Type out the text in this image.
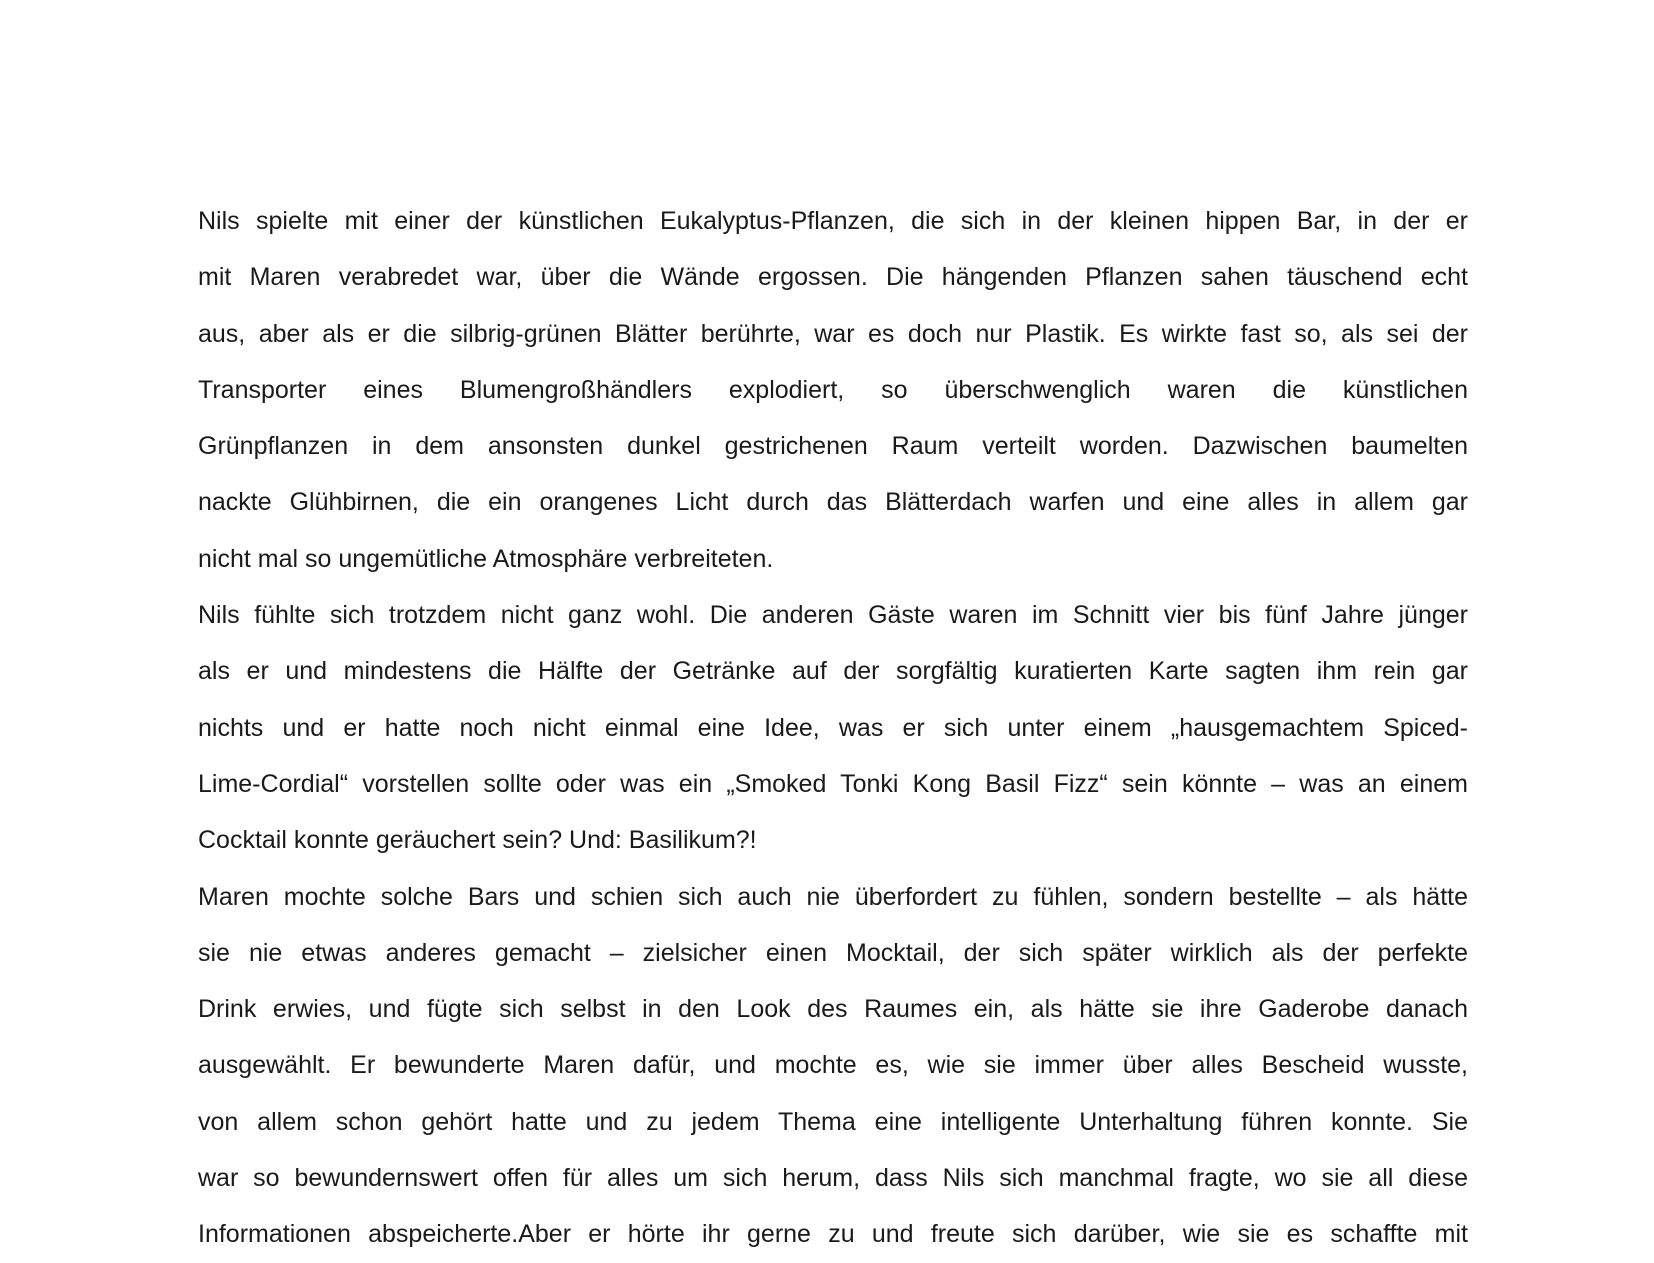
Nils spielte mit einer der künstlichen Eukalyptus-Pflanzen, die sich in der kleinen hippen Bar, in der er
mit Maren verabredet war, über die Wände ergossen. Die hängenden Pflanzen sahen täuschend echt
aus, aber als er die silbrig-grünen Blätter berührte, war es doch nur Plastik. Es wirkte fast so, als sei der
Transporter eines Blumengroßhändlers explodiert, so überschwenglich waren die künstlichen
Grünpflanzen in dem ansonsten dunkel gestrichenen Raum verteilt worden. Dazwischen baumelten
nackte Glühbirnen, die ein orangenes Licht durch das Blätterdach warfen und eine alles in allem gar
nicht mal so ungemütliche Atmosphäre verbreiteten.
Nils fühlte sich trotzdem nicht ganz wohl. Die anderen Gäste waren im Schnitt vier bis fünf Jahre jünger
als er und mindestens die Hälfte der Getränke auf der sorgfältig kuratierten Karte sagten ihm rein gar
nichts und er hatte noch nicht einmal eine Idee, was er sich unter einem „hausgemachtem Spiced-
Lime-Cordial“ vorstellen sollte oder was ein „Smoked Tonki Kong Basil Fizz“ sein könnte – was an einem
Cocktail konnte geräuchert sein? Und: Basilikum?!
Maren mochte solche Bars und schien sich auch nie überfordert zu fühlen, sondern bestellte – als hätte
sie nie etwas anderes gemacht – zielsicher einen Mocktail, der sich später wirklich als der perfekte
Drink erwies, und fügte sich selbst in den Look des Raumes ein, als hätte sie ihre Gaderobe danach
ausgewählt. Er bewunderte Maren dafür, und mochte es, wie sie immer über alles Bescheid wusste,
von allem schon gehört hatte und zu jedem Thema eine intelligente Unterhaltung führen konnte. Sie
war so bewundernswert offen für alles um sich herum, dass Nils sich manchmal fragte, wo sie all diese
Informationen abspeicherte.Aber er hörte ihr gerne zu und freute sich darüber, wie sie es schaffte mit
